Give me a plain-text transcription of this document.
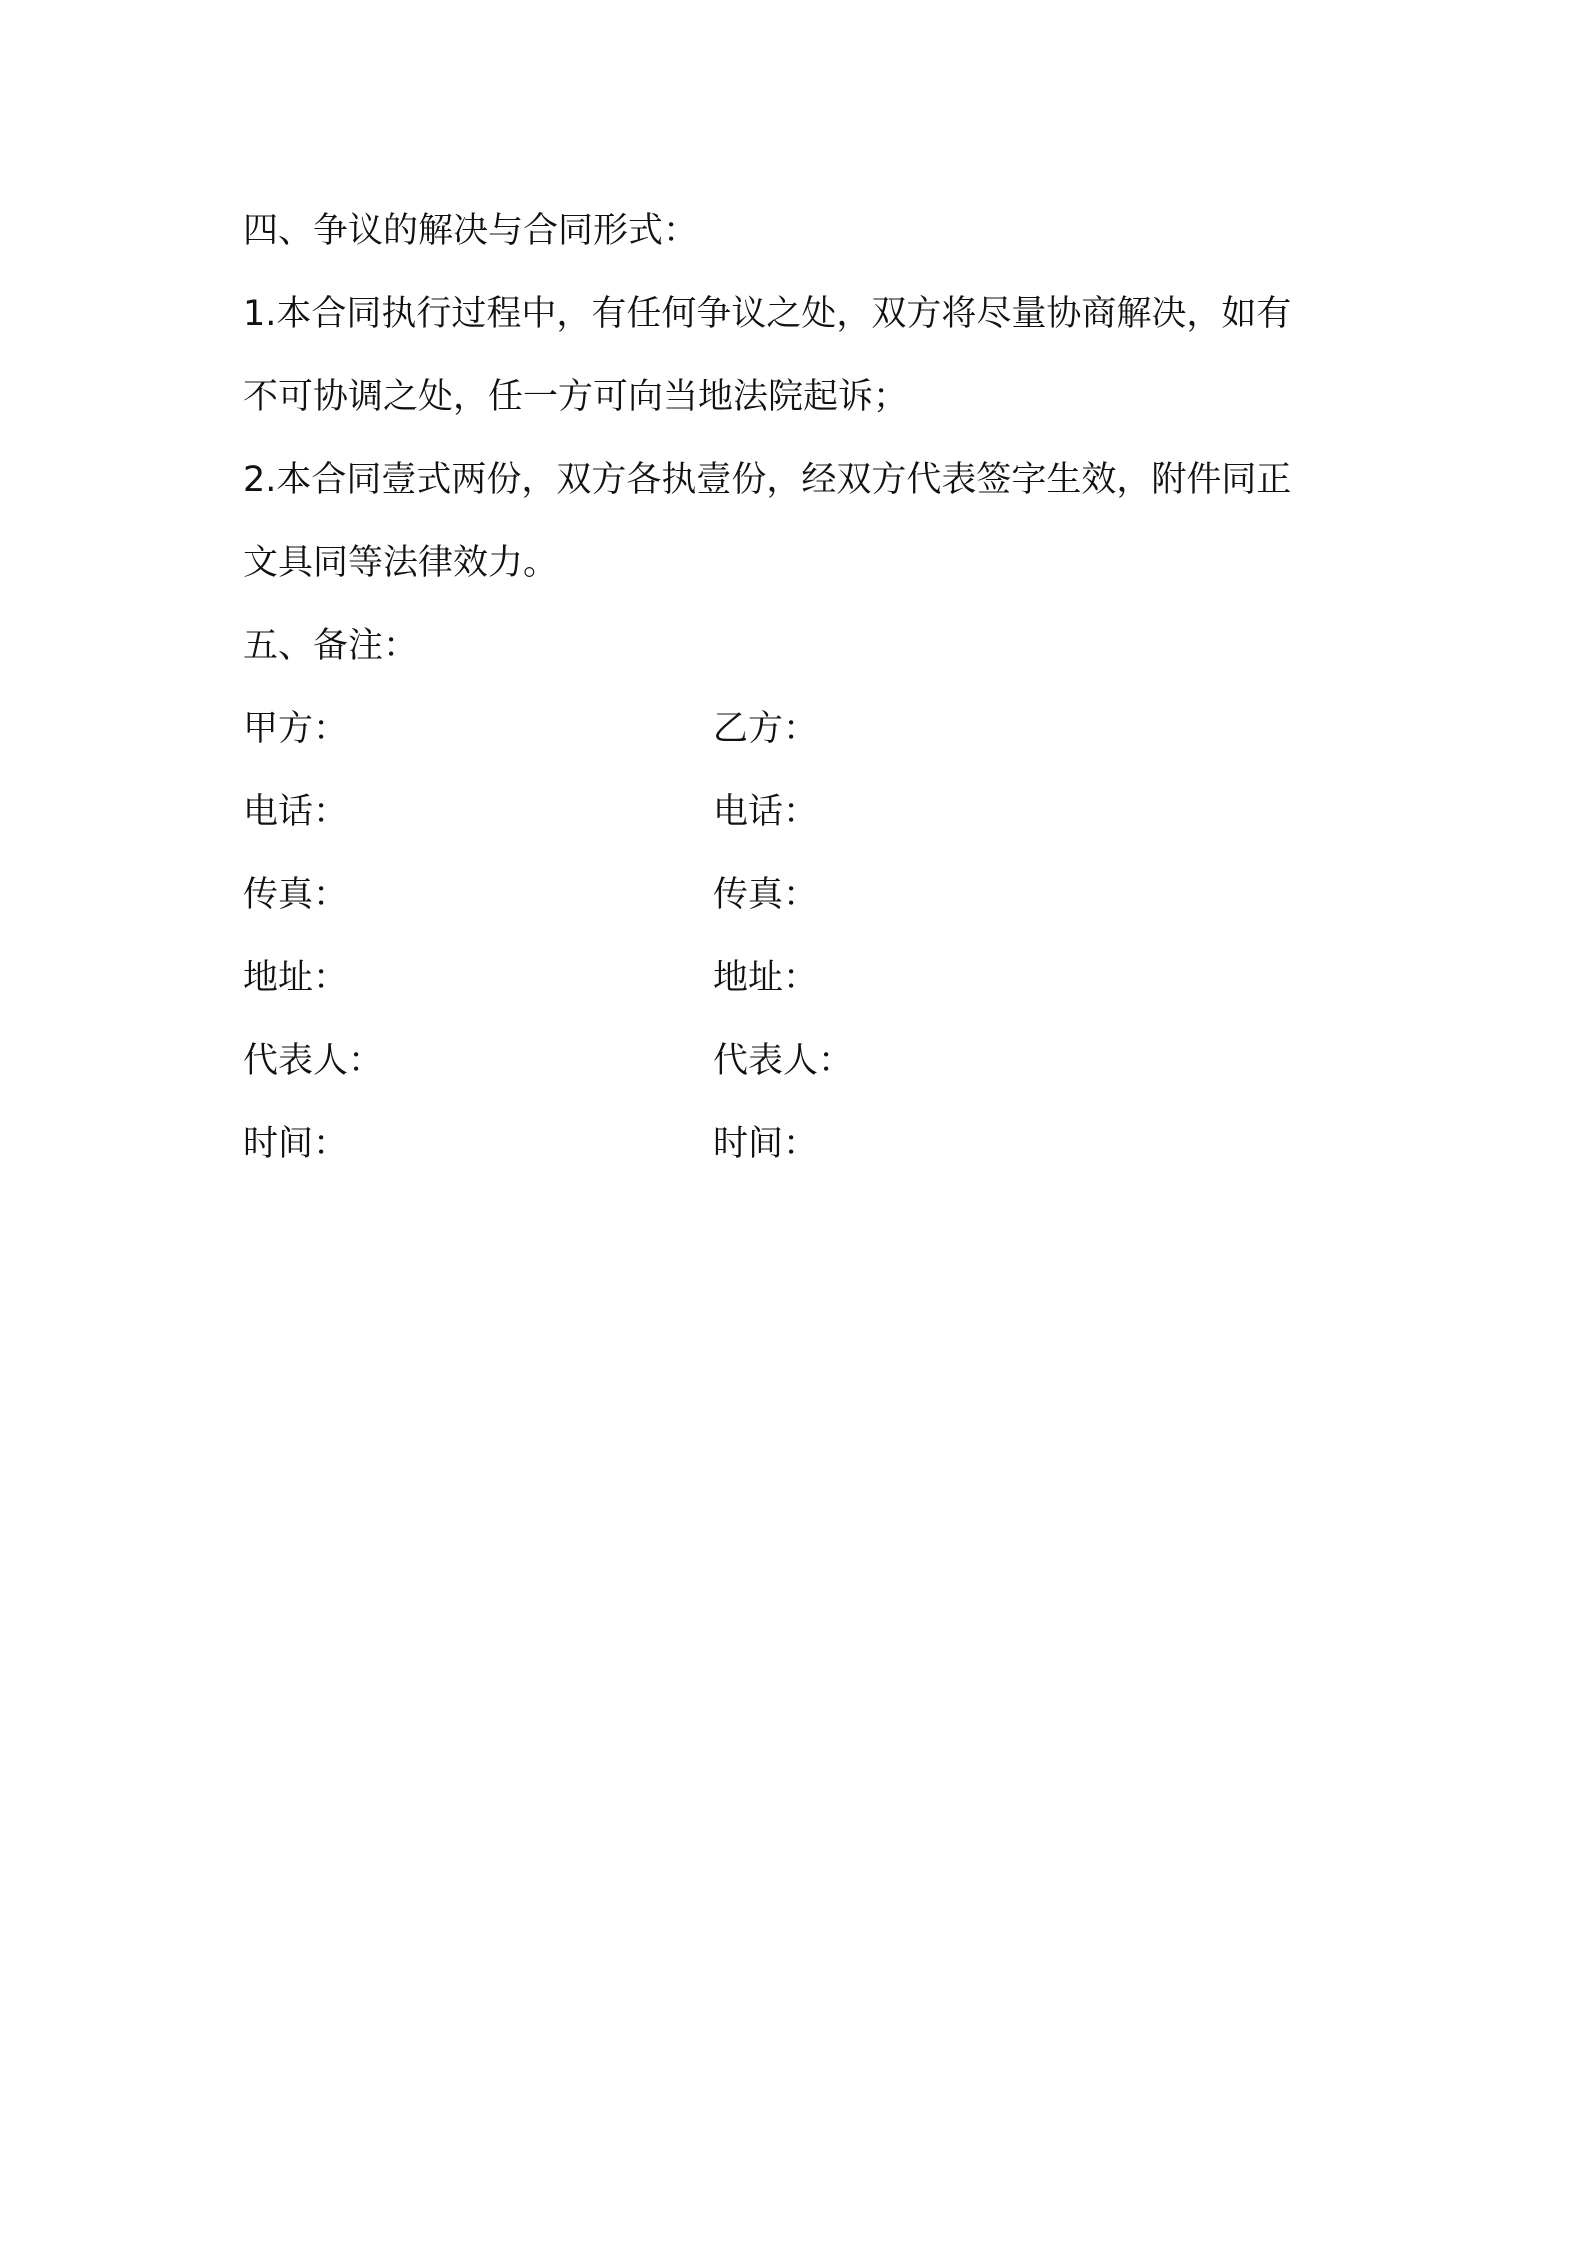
四、争议的解决与合同形式：

1.本合同执行过程中，有任何争议之处，双方将尽量协商解决，如有

不可协调之处，任一方可向当地法院起诉；

2.本合同壹式两份，双方各执壹份，经双方代表签字生效，附件同正

文具同等法律效力。

五、备注：

甲方：	乙方：
电话：	电话：
传真：	传真：
地址：	地址：
代表人：	代表人：
时间：	时间：
